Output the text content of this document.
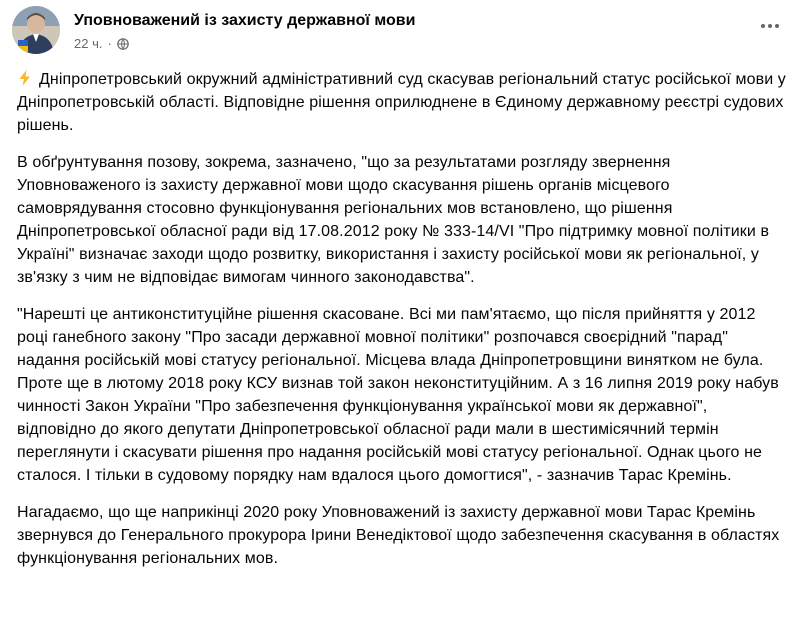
Уповноважений із захисту державної мови
22 ч. ·

Дніпропетровський окружний адміністративний суд скасував регіональний статус російської мови у Дніпропетровській області. Відповідне рішення оприлюднене в Єдиному державному реєстрі судових рішень.

В обґрунтування позову, зокрема, зазначено, "що за результатами розгляду звернення Уповноваженого із захисту державної мови щодо скасування рішень органів місцевого самоврядування стосовно функціонування регіональних мов встановлено, що рішення Дніпропетровської обласної ради від 17.08.2012 року № 333-14/VI "Про підтримку мовної політики в Україні" визначає заходи щодо розвитку, використання і захисту російської мови як регіональної, у зв'язку з чим не відповідає вимогам чинного законодавства".

"Нарешті це антиконституційне рішення скасоване. Всі ми пам'ятаємо, що після прийняття у 2012 році ганебного закону "Про засади державної мовної політики" розпочався своєрідний "парад" надання російській мові статусу регіональної. Місцева влада Дніпропетровщини винятком не була. Проте ще в лютому 2018 року КСУ визнав той закон неконституційним. А з 16 липня 2019 року набув чинності Закон України "Про забезпечення функціонування української мови як державної", відповідно до якого депутати Дніпропетровської обласної ради мали в шестимісячний термін переглянути і скасувати рішення про надання російській мові статусу регіональної. Однак цього не сталося. І тільки в судовому порядку нам вдалося цього домогтися", - зазначив Тарас Кремінь.

Нагадаємо, що ще наприкінці 2020 року Уповноважений із захисту державної мови Тарас Кремінь звернувся до Генерального прокурора Ірини Венедіктової щодо забезпечення скасування в областях функціонування регіональних мов.
